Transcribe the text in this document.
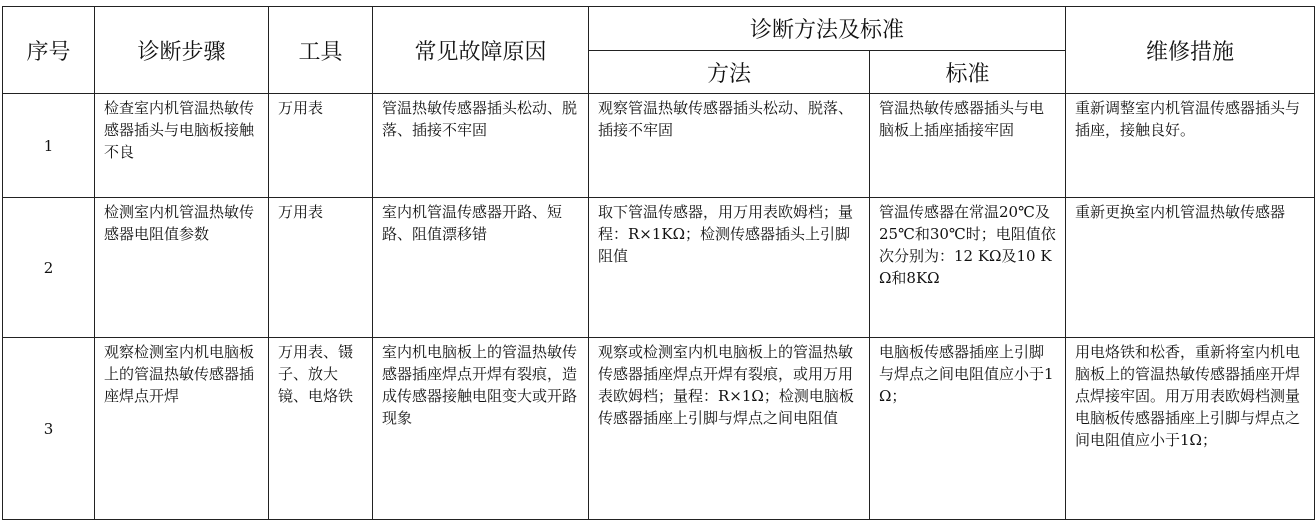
序号	诊断步骤	工具	常见故障原因	诊断方法及标准		维修措施
				方法	标准	
1	检查室内机管温热敏传感器插头与电脑板接触不良	万用表	管温热敏传感器插头松动、脱落、插接不牢固	观察管温热敏传感器插头松动、脱落、插接不牢固	管温热敏传感器插头与电脑板上插座插接牢固	重新调整室内机管温传感器插头与插座，接触良好。
2	检测室内机管温热敏传感器电阻值参数	万用表	室内机管温传感器开路、短路、阻值漂移错	取下管温传感器，用万用表欧姆档；量程：R×1KΩ；检测传感器插头上引脚阻值	管温传感器在常温20℃及25℃和30℃时；电阻值依次分别为：12 KΩ及10 KΩ和8KΩ	重新更换室内机管温热敏传感器
3	观察检测室内机电脑板上的管温热敏传感器插座焊点开焊	万用表、镊子、放大镜、电烙铁	室内机电脑板上的管温热敏传感器插座焊点开焊有裂痕，造成传感器接触电阻变大或开路现象	观察或检测室内机电脑板上的管温热敏传感器插座焊点开焊有裂痕，或用万用表欧姆档；量程：R×1Ω；检测电脑板传感器插座上引脚与焊点之间电阻值	电脑板传感器插座上引脚与焊点之间电阻值应小于1Ω；	用电烙铁和松香，重新将室内机电脑板上的管温热敏传感器插座开焊点焊接牢固。用万用表欧姆档测量电脑板传感器插座上引脚与焊点之间电阻值应小于1Ω；
